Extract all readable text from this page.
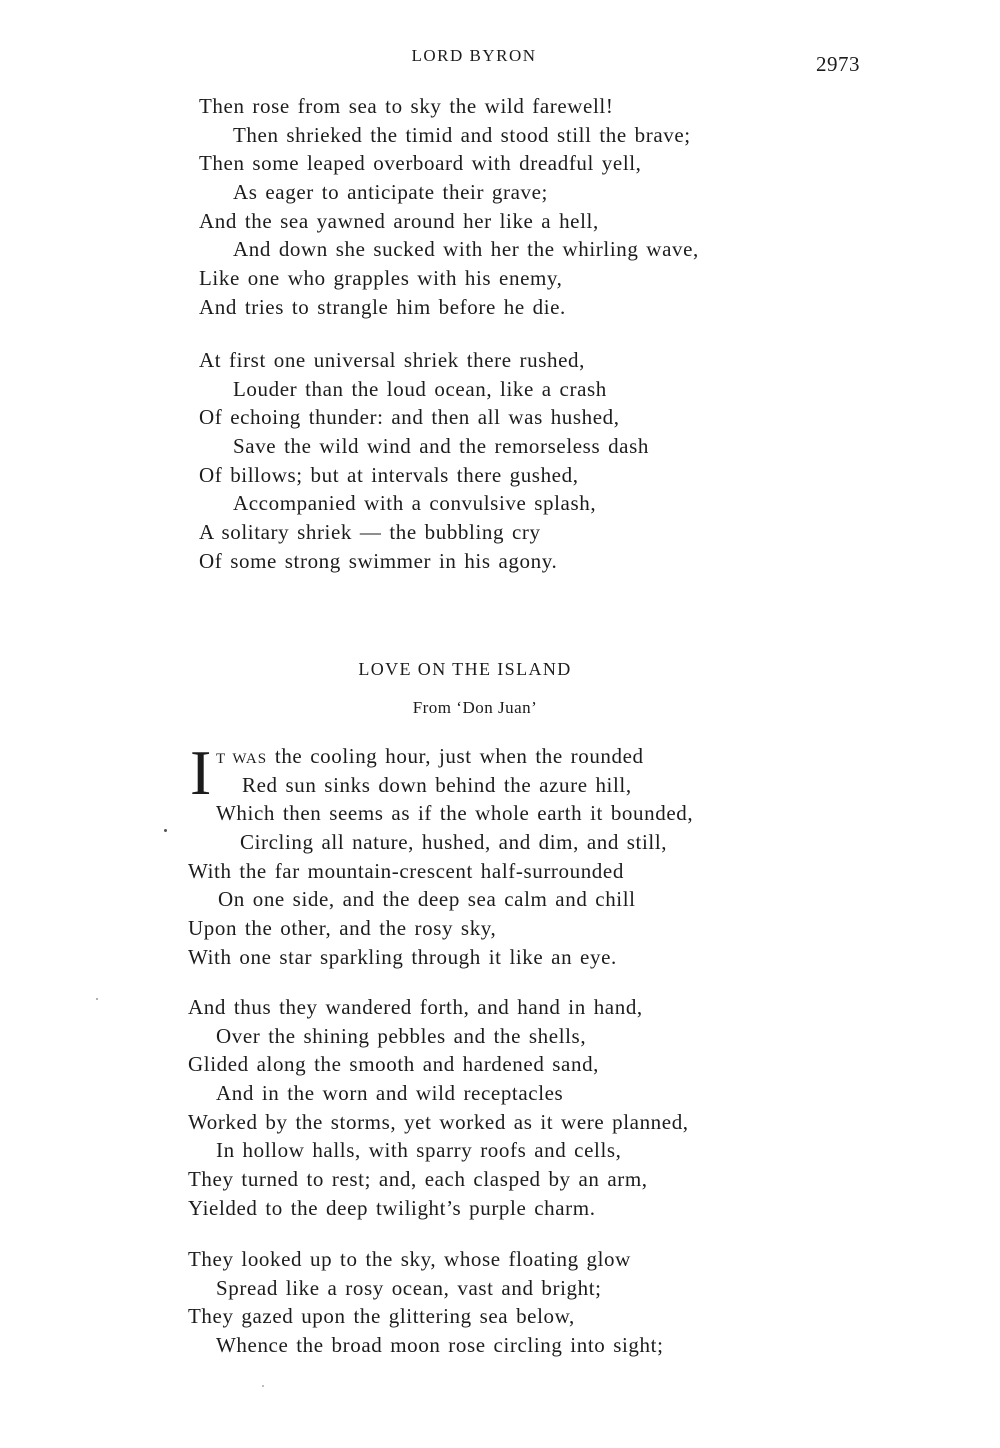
LORD BYRON	2973
Then rose from sea to sky the wild farewell!
Then shrieked the timid and stood still the brave;
Then some leaped overboard with dreadful yell,
As eager to anticipate their grave;
And the sea yawned around her like a hell,
And down she sucked with her the whirling wave,
Like one who grapples with his enemy,
And tries to strangle him before he die.
At first one universal shriek there rushed,
Louder than the loud ocean, like a crash
Of echoing thunder: and then all was hushed,
Save the wild wind and the remorseless dash
Of billows; but at intervals there gushed,
Accompanied with a convulsive splash,
A solitary shriek — the bubbling cry
Of some strong swimmer in his agony.
LOVE ON THE ISLAND
From ‘Don Juan’
I T WAS the cooling hour, just when the rounded
Red sun sinks down behind the azure hill,
Which then seems as if the whole earth it bounded,
Circling all nature, hushed, and dim, and still,
With the far mountain-crescent half-surrounded
On one side, and the deep sea calm and chill
Upon the other, and the rosy sky,
With one star sparkling through it like an eye.
And thus they wandered forth, and hand in hand,
Over the shining pebbles and the shells,
Glided along the smooth and hardened sand,
And in the worn and wild receptacles
Worked by the storms, yet worked as it were planned,
In hollow halls, with sparry roofs and cells,
They turned to rest; and, each clasped by an arm,
Yielded to the deep twilight’s purple charm.
They looked up to the sky, whose floating glow
Spread like a rosy ocean, vast and bright;
They gazed upon the glittering sea below,
Whence the broad moon rose circling into sight;
